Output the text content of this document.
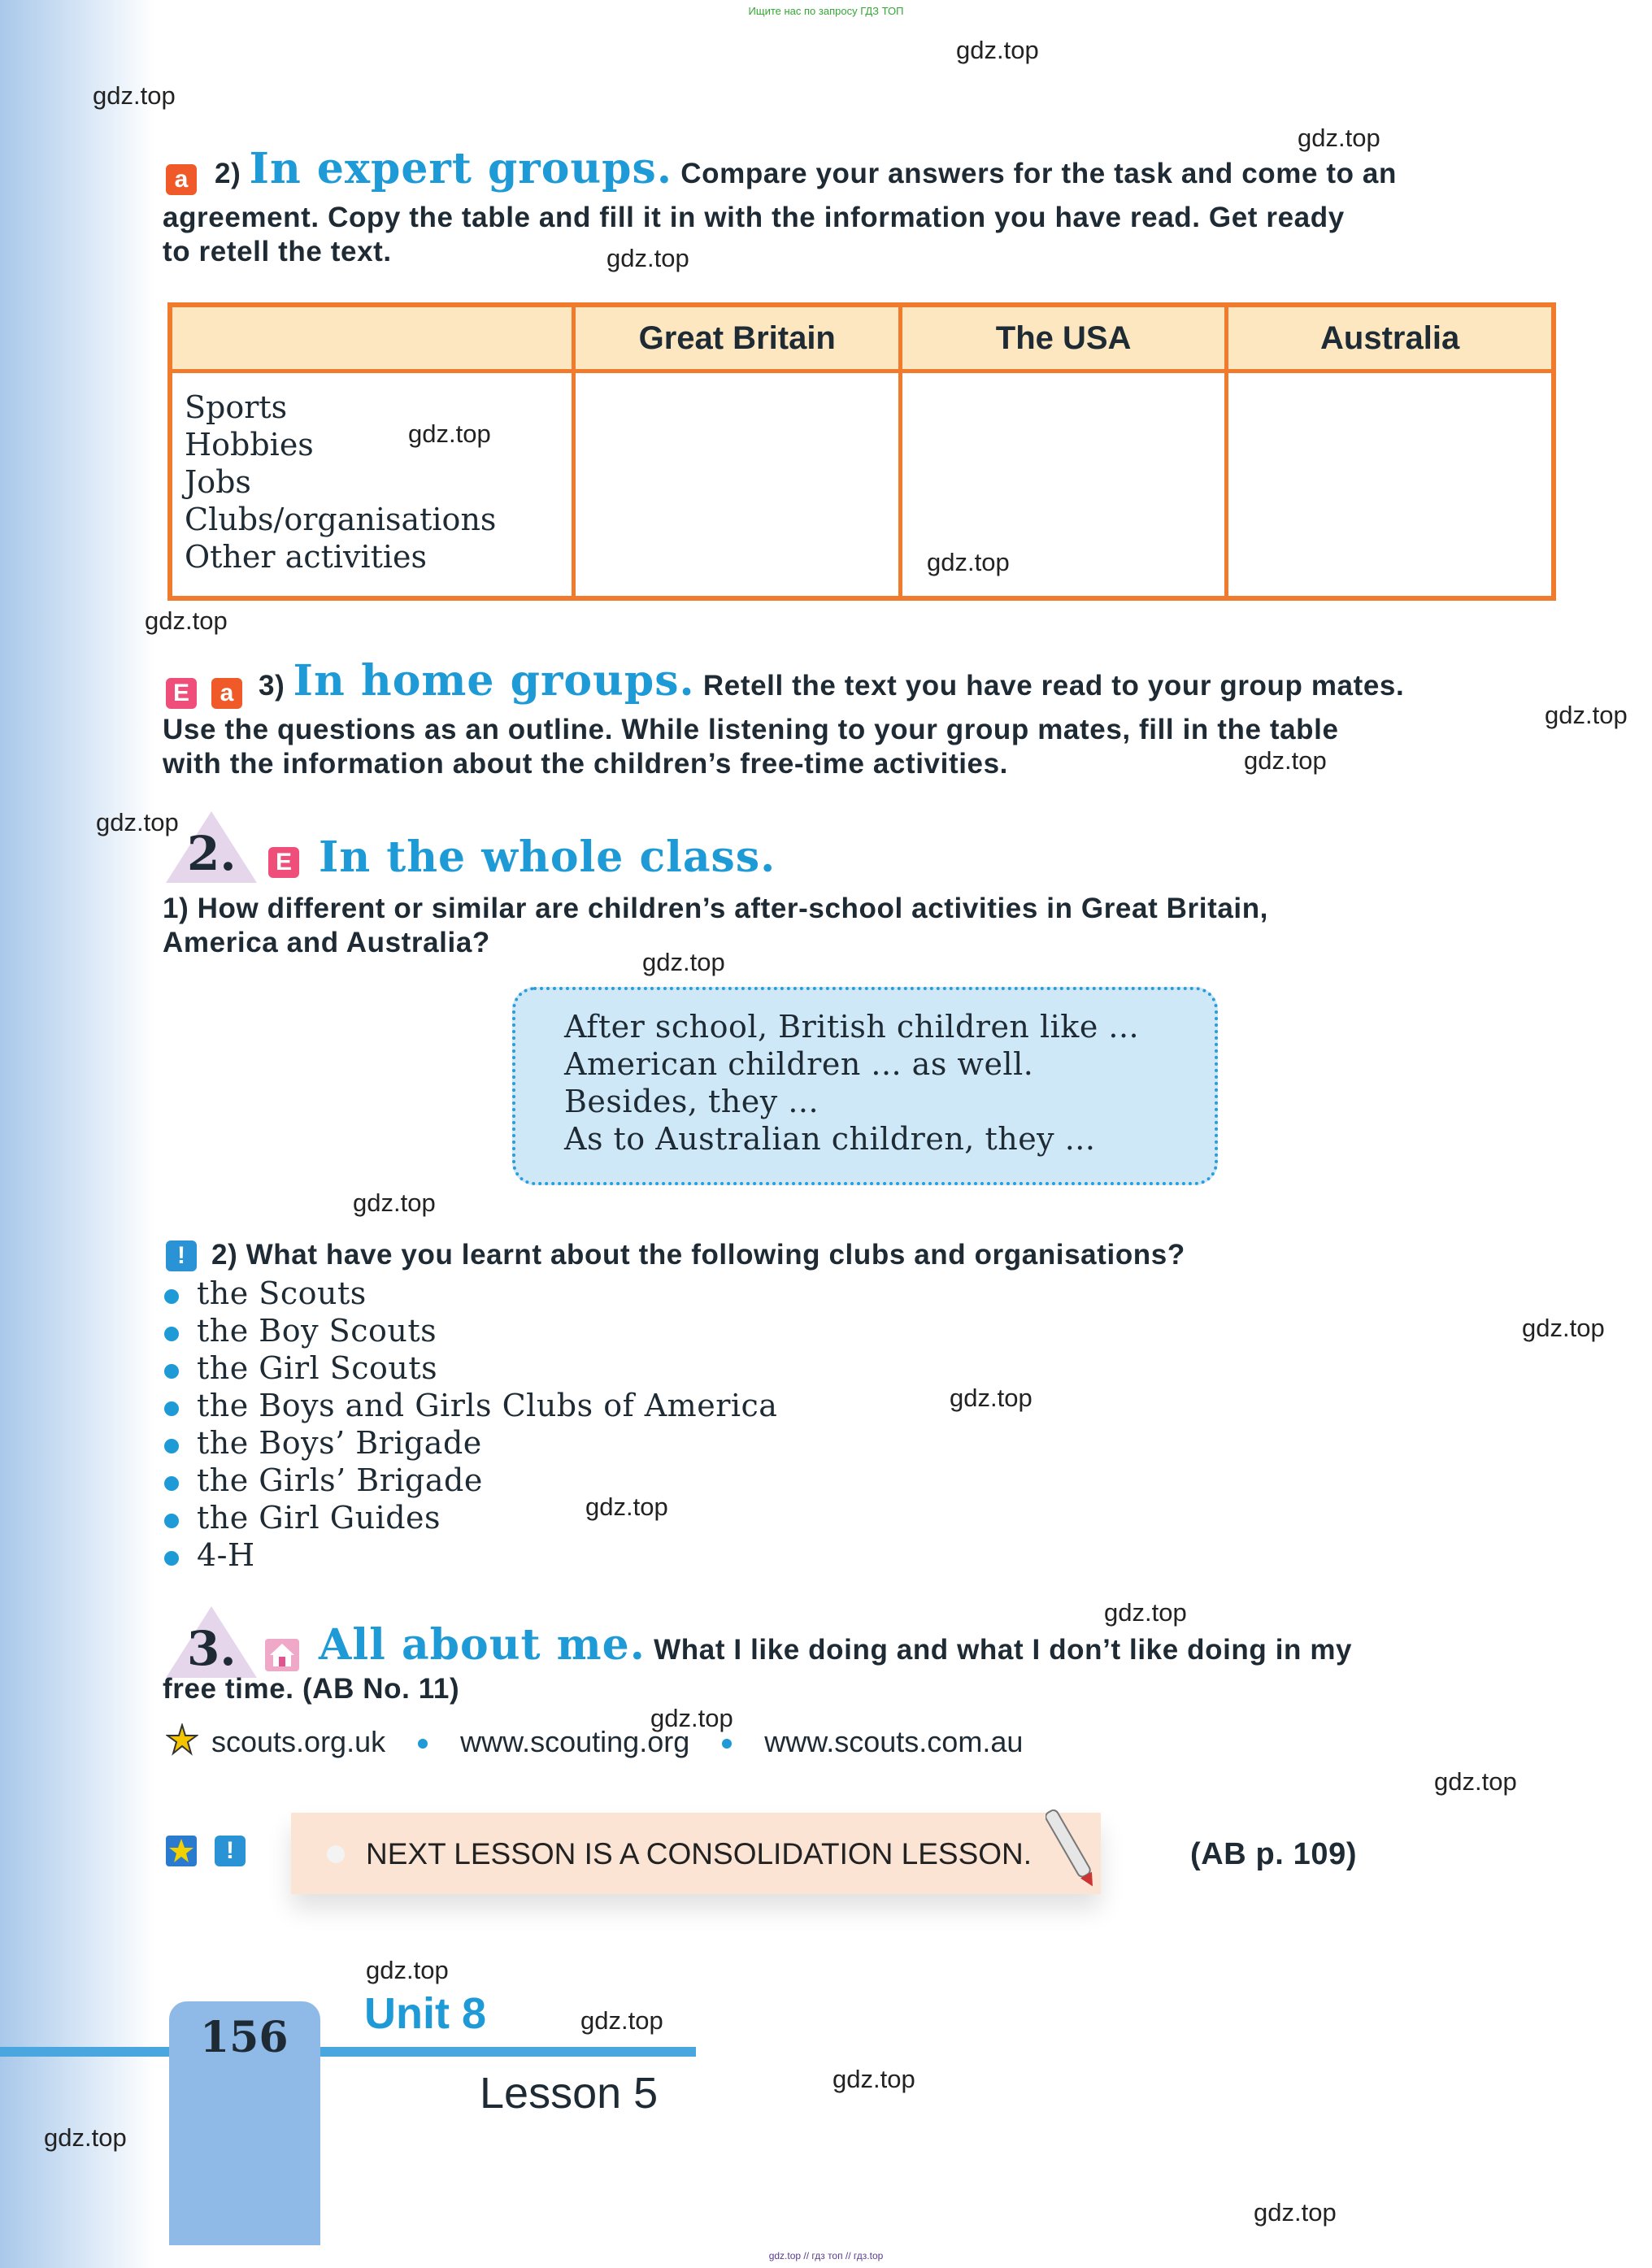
Ищите нас по запросу ГДЗ ТОП
gdz.top
gdz.top
gdz.top
gdz.top
gdz.top
gdz.top
gdz.top
gdz.top
gdz.top
gdz.top
gdz.top
gdz.top
gdz.top
gdz.top
gdz.top
gdz.top
gdz.top
gdz.top
gdz.top
gdz.top
gdz.top
gdz.top
gdz.top
a 2) In expert groups. Compare your answers for the task and come to an
agreement. Copy the table and fill it in with the information you have read. Get ready
to retell the text.
	Great Britain	The USA	Australia

Sports
Hobbies
Jobs
Clubs/organisations
Other activities			

E	a 3) In home groups. Retell the text you have read to your group mates.
Use the questions as an outline. While listening to your group mates, fill in the table
with the information about the children’s free-time activities.
2. E In the whole class.
1) How different or similar are children’s after-school activities in Great Britain,
America and Australia?
After school, British children like ...
American children ... as well.
Besides, they ...
As to Australian children, they ...
! 2) What have you learnt about the following clubs and organisations?
the Scouts
the Boy Scouts
the Girl Scouts
the Boys and Girls Clubs of America
the Boys’ Brigade
the Girls’ Brigade
the Girl Guides
4-H
3. All about me. What I like doing and what I don’t like doing in my
free time. (AB No. 11)
scouts.org.uk	www.scouting.org	www.scouts.com.au
!	NEXT LESSON IS A CONSOLIDATION LESSON.	(AB p. 109)
156 Unit 8
Lesson 5
gdz.top // гдз топ // гдз.top
